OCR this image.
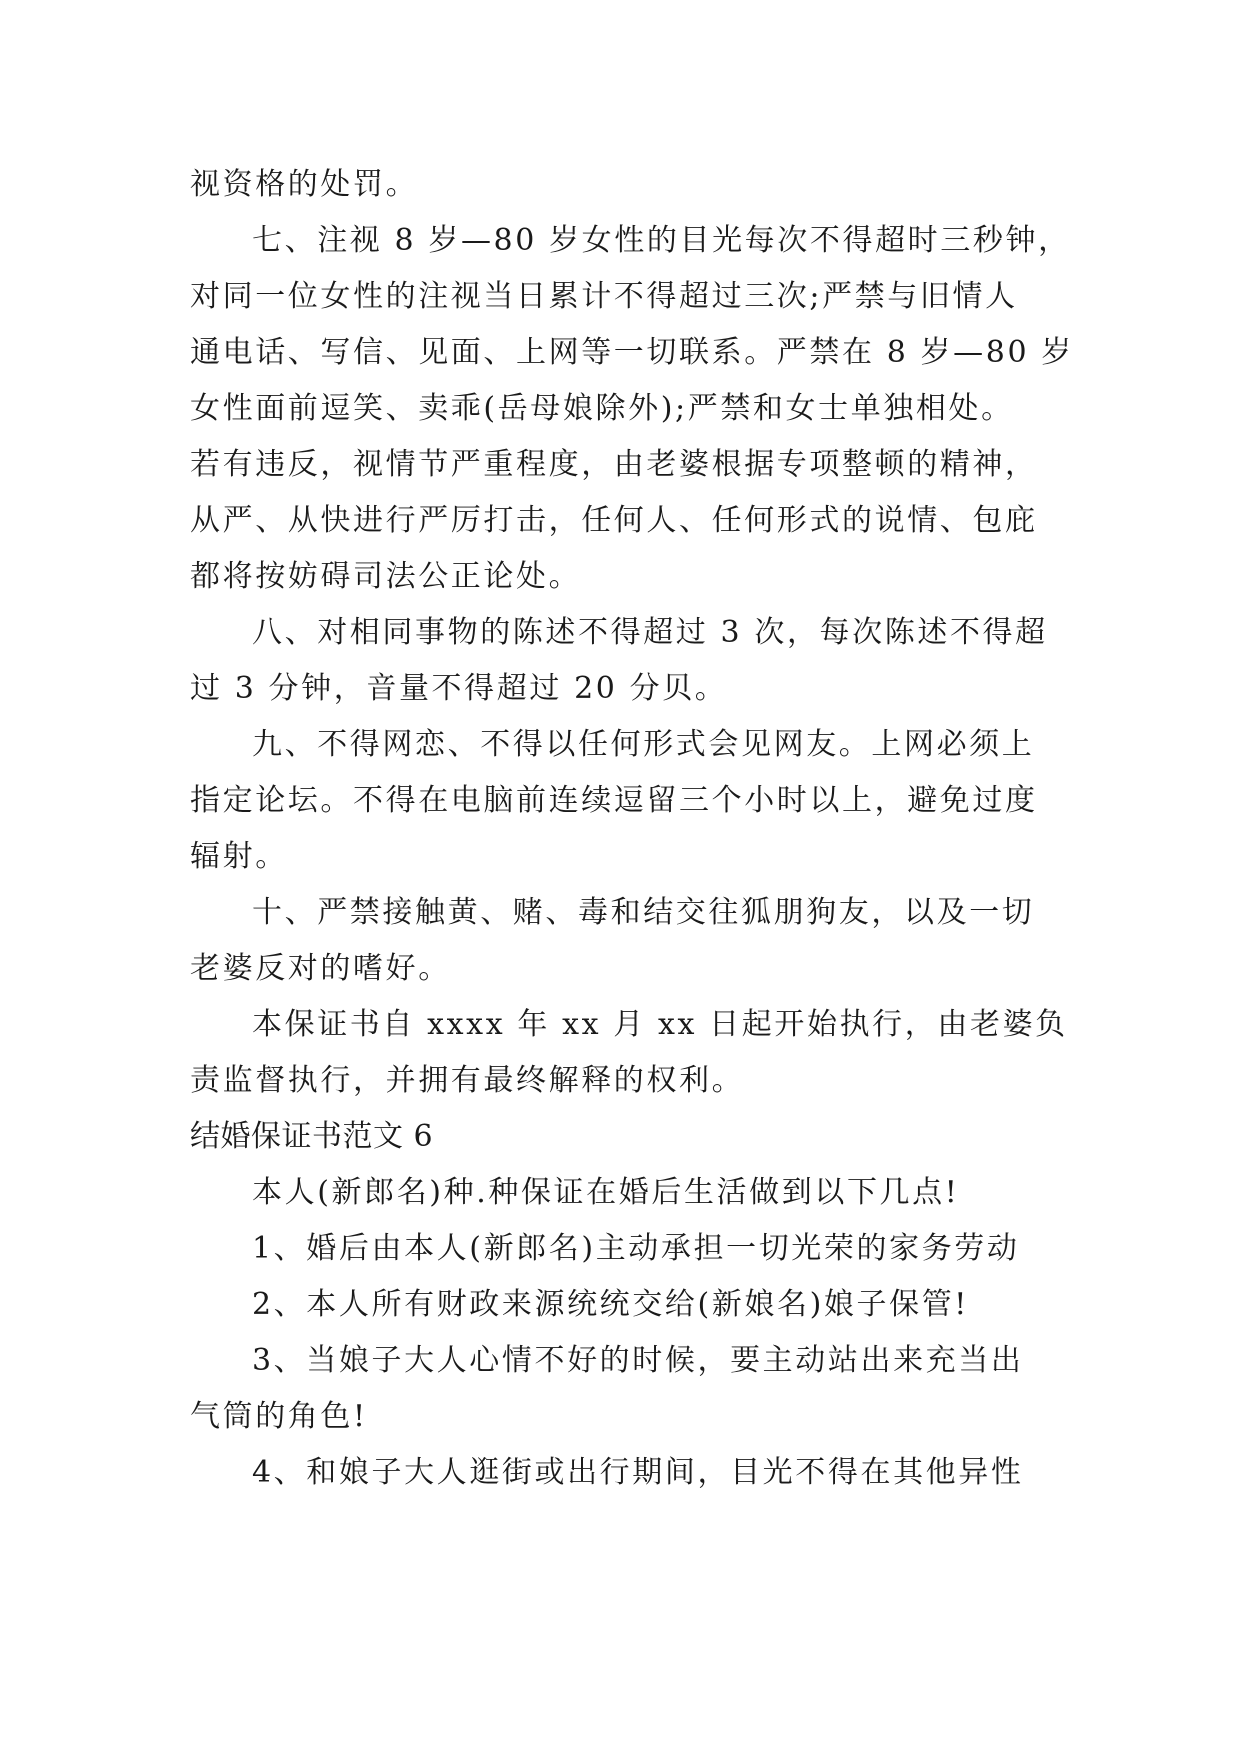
视资格的处罚。
七、注视 8 岁—80 岁女性的目光每次不得超时三秒钟，
对同一位女性的注视当日累计不得超过三次;严禁与旧情人
通电话、写信、见面、上网等一切联系。严禁在 8 岁—80 岁
女性面前逗笑、卖乖(岳母娘除外);严禁和女士单独相处。
若有违反，视情节严重程度，由老婆根据专项整顿的精神，
从严、从快进行严厉打击，任何人、任何形式的说情、包庇
都将按妨碍司法公正论处。
八、对相同事物的陈述不得超过 3 次，每次陈述不得超
过 3 分钟，音量不得超过 20 分贝。
九、不得网恋、不得以任何形式会见网友。上网必须上
指定论坛。不得在电脑前连续逗留三个小时以上，避免过度
辐射。
十、严禁接触黄、赌、毒和结交往狐朋狗友，以及一切
老婆反对的嗜好。
本保证书自 xxxx 年 xx 月 xx 日起开始执行，由老婆负
责监督执行，并拥有最终解释的权利。
结婚保证书范文 6
本人(新郎名)种.种保证在婚后生活做到以下几点!
1、婚后由本人(新郎名)主动承担一切光荣的家务劳动
2、本人所有财政来源统统交给(新娘名)娘子保管!
3、当娘子大人心情不好的时候，要主动站出来充当出
气筒的角色!
4、和娘子大人逛街或出行期间，目光不得在其他异性
